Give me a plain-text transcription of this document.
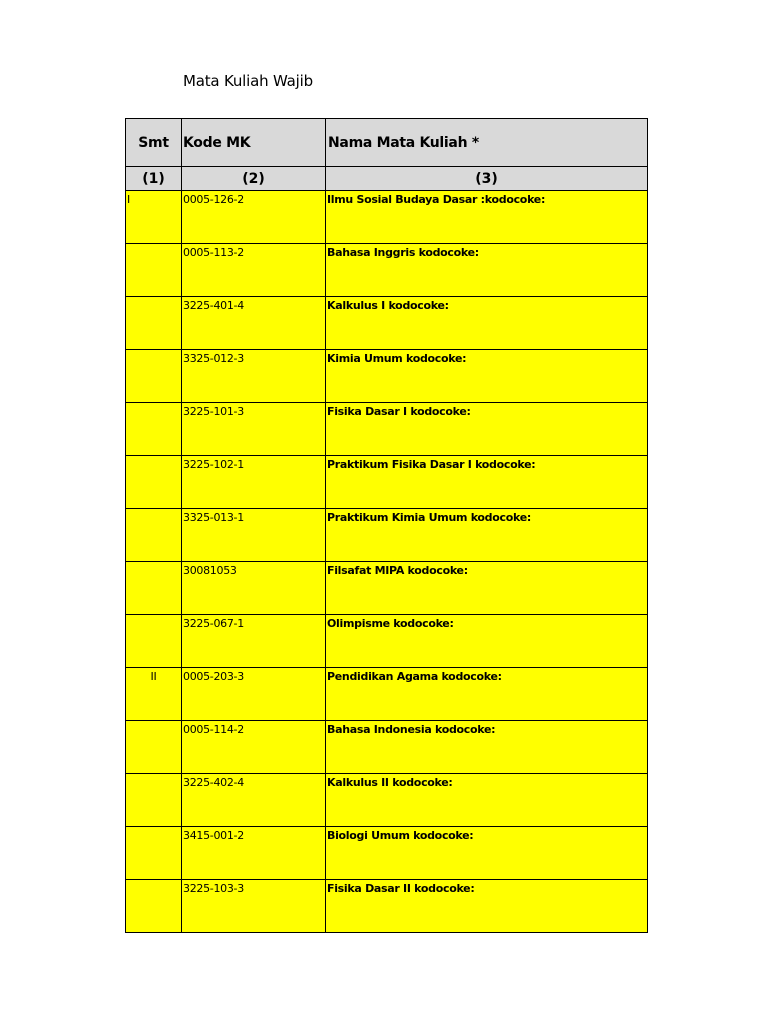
Mata Kuliah Wajib
Smt	Kode MK	Nama Mata Kuliah *
(1)	(2)	(3)
I	0005-126-2	Ilmu Sosial Budaya Dasar :kodocoke:
	0005-113-2	Bahasa Inggris kodocoke:
	3225-401-4	Kalkulus I kodocoke:
	3325-012-3	Kimia Umum kodocoke:
	3225-101-3	Fisika Dasar I kodocoke:
	3225-102-1	Praktikum Fisika Dasar I kodocoke:
	3325-013-1	Praktikum Kimia Umum kodocoke:
	30081053	Filsafat MIPA kodocoke:
	3225-067-1	Olimpisme kodocoke:
II	0005-203-3	Pendidikan Agama kodocoke:
	0005-114-2	Bahasa Indonesia kodocoke:
	3225-402-4	Kalkulus II kodocoke:
	3415-001-2	Biologi Umum kodocoke:
	3225-103-3	Fisika Dasar II kodocoke:
